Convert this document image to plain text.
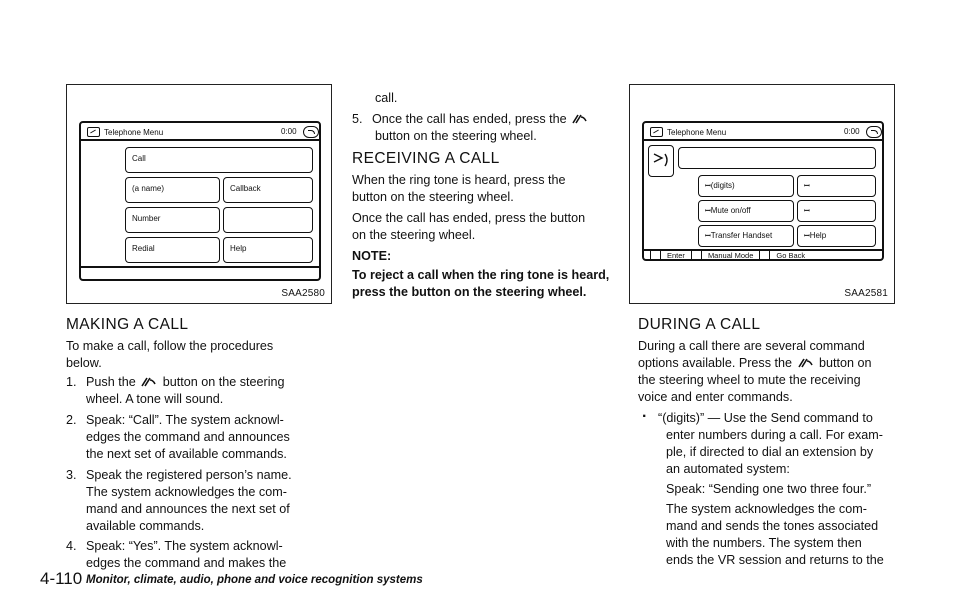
Telephone Menu	0:00
Call
(a name)	Callback
Number
Redial	Help
SAA2580
Telephone Menu	0:00
ꟷ(digits)	ꟷ
ꟷMute on/off	ꟷ
ꟷTransfer Handset	ꟷHelp
Enter	Manual Mode	Go Back
SAA2581
MAKING A CALL
To make a call, follow the procedures
below.
1. Push the button on the steering
wheel. A tone will sound.
2. Speak: “Call”. The system acknowl-
edges the command and announces
the next set of available commands.
3. Speak the registered person’s name.
The system acknowledges the com-
mand and announces the next set of
available commands.
4. Speak: “Yes”. The system acknowl-
edges the command and makes the
call.
5. Once the call has ended, press the
button on the steering wheel.
RECEIVING A CALL
When the ring tone is heard, press the
button on the steering wheel.
Once the call has ended, press the button
on the steering wheel.
NOTE:
To reject a call when the ring tone is heard,
press the button on the steering wheel.
DURING A CALL
During a call there are several command
options available. Press the button on
the steering wheel to mute the receiving
voice and enter commands.
. “(digits)” — Use the Send command to
enter numbers during a call. For exam-
ple, if directed to dial an extension by
an automated system:
Speak: “Sending one two three four.”
The system acknowledges the com-
mand and sends the tones associated
with the numbers. The system then
ends the VR session and returns to the
4-110 Monitor, climate, audio, phone and voice recognition systems
